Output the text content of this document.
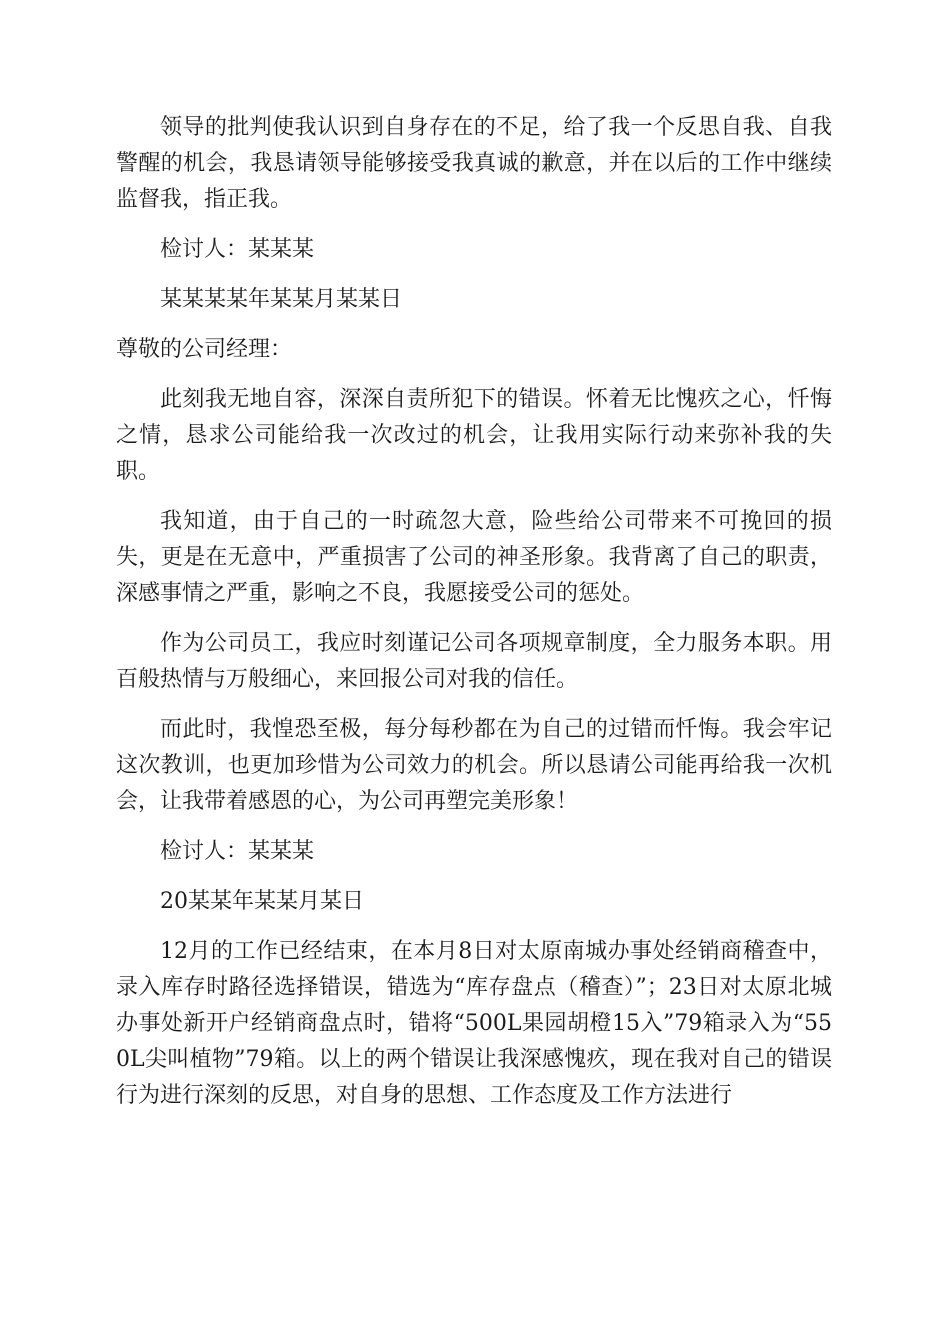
领导的批判使我认识到自身存在的不足，给了我一个反思自我、自我警醒的机会，我恳请领导能够接受我真诚的歉意，并在以后的工作中继续监督我，指正我。

检讨人：某某某

某某某某年某某月某某日

尊敬的公司经理：

此刻我无地自容，深深自责所犯下的错误。怀着无比愧疚之心，忏悔之情，恳求公司能给我一次改过的机会，让我用实际行动来弥补我的失职。

我知道，由于自己的一时疏忽大意，险些给公司带来不可挽回的损失，更是在无意中，严重损害了公司的神圣形象。我背离了自己的职责，深感事情之严重，影响之不良，我愿接受公司的惩处。

作为公司员工，我应时刻谨记公司各项规章制度，全力服务本职。用百般热情与万般细心，来回报公司对我的信任。

而此时，我惶恐至极，每分每秒都在为自己的过错而忏悔。我会牢记这次教训，也更加珍惜为公司效力的机会。所以恳请公司能再给我一次机会，让我带着感恩的心，为公司再塑完美形象！

检讨人：某某某

20某某年某某月某日

12月的工作已经结束，在本月8日对太原南城办事处经销商稽查中，录入库存时路径选择错误，错选为“库存盘点（稽查）”；23日对太原北城办事处新开户经销商盘点时，错将“500L果园胡橙15入”79箱录入为“550L尖叫植物”79箱。以上的两个错误让我深感愧疚，现在我对自己的错误行为进行深刻的反思，对自身的思想、工作态度及工作方法进行
